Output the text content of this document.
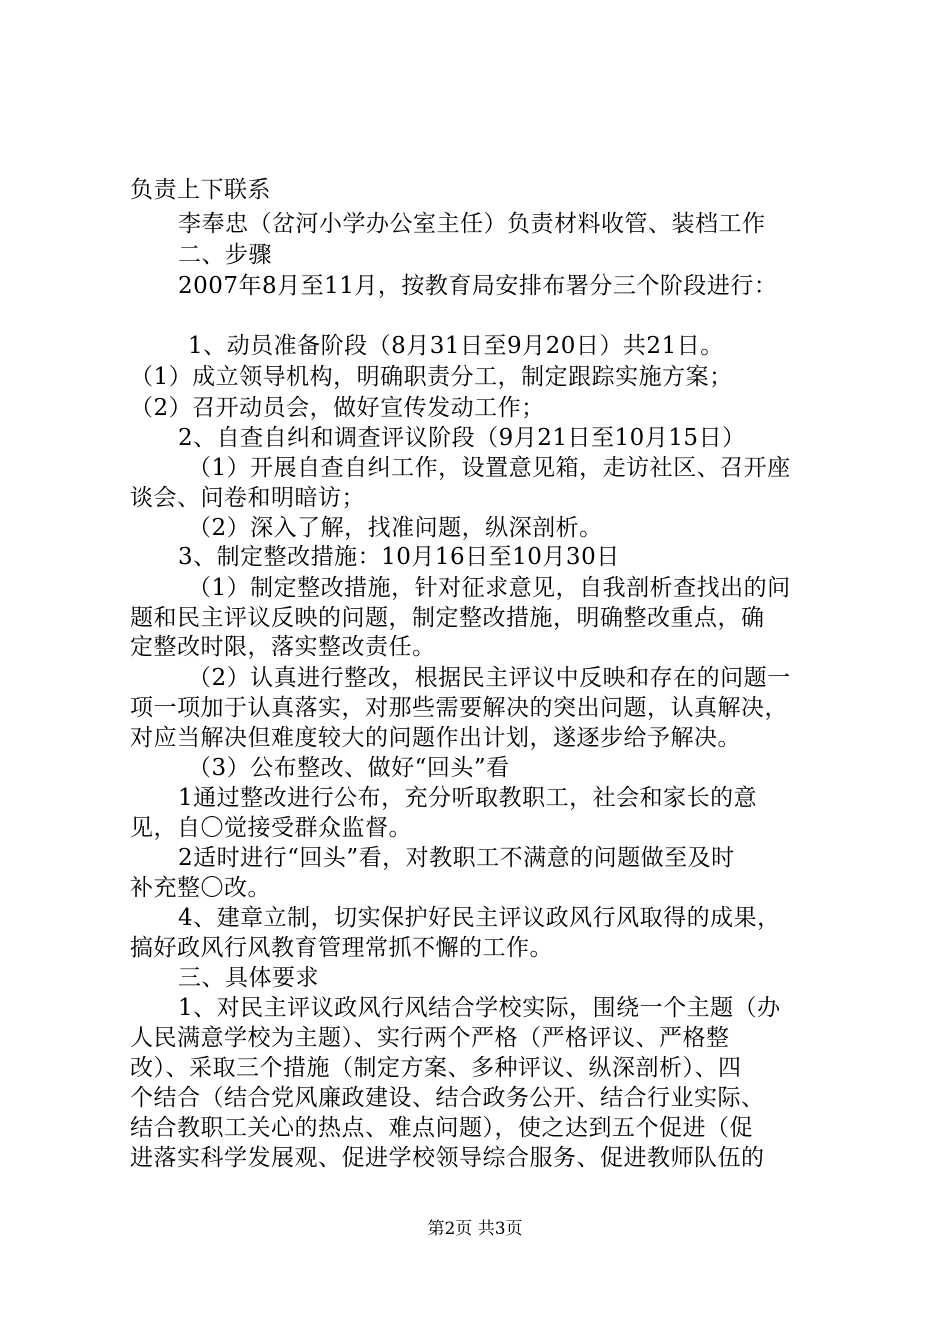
负责上下联系
李奉忠（岔河小学办公室主任）负责材料收管、装档工作
二、步骤
2007年8月至11月，按教育局安排布署分三个阶段进行：
1、动员准备阶段（8月31日至9月20日）共21日。
（1）成立领导机构，明确职责分工，制定跟踪实施方案；
（2）召开动员会，做好宣传发动工作；
2、自查自纠和调查评议阶段（9月21日至10月15日）
（1）开展自查自纠工作，设置意见箱，走访社区、召开座
谈会、问卷和明暗访；
（2）深入了解，找准问题，纵深剖析。
3、制定整改措施：10月16日至10月30日
（1）制定整改措施，针对征求意见，自我剖析查找出的问
题和民主评议反映的问题，制定整改措施，明确整改重点，确
定整改时限，落实整改责任。
（2）认真进行整改，根据民主评议中反映和存在的问题一
项一项加于认真落实，对那些需要解决的突出问题，认真解决，
对应当解决但难度较大的问题作出计划，遂逐步给予解决。
（3）公布整改、做好“回头”看
1通过整改进行公布，充分听取教职工，社会和家长的意
见，自〇觉接受群众监督。
2适时进行“回头”看，对教职工不满意的问题做至及时
补充整〇改。
4、建章立制，切实保护好民主评议政风行风取得的成果，
搞好政风行风教育管理常抓不懈的工作。
三、具体要求
1、对民主评议政风行风结合学校实际，围绕一个主题（办
人民满意学校为主题）、实行两个严格（严格评议、严格整
改）、采取三个措施（制定方案、多种评议、纵深剖析）、四
个结合（结合党风廉政建设、结合政务公开、结合行业实际、
结合教职工关心的热点、难点问题），使之达到五个促进（促
进落实科学发展观、促进学校领导综合服务、促进教师队伍的
第2页 共3页
